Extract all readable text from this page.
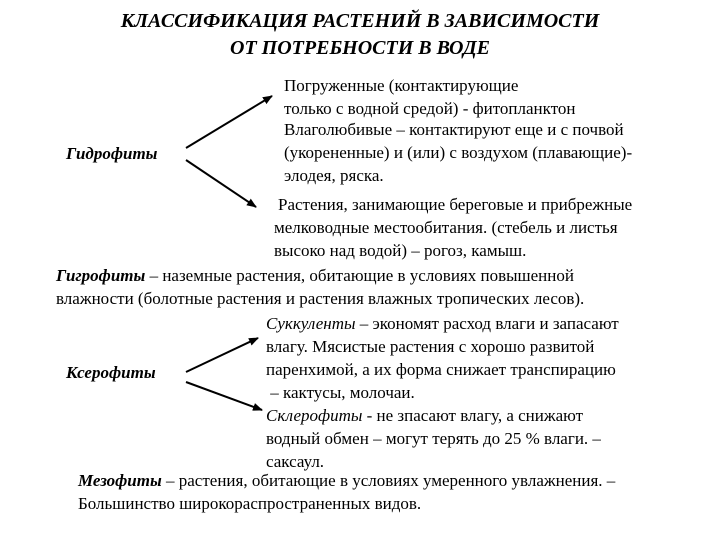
КЛАССИФИКАЦИЯ РАСТЕНИЙ В ЗАВИСИМОСТИ
ОТ ПОТРЕБНОСТИ В ВОДЕ
Гидрофиты
Погруженные (контактирующие
только с водной средой) - фитопланктон
Влаголюбивые – контактируют еще и с почвой
(укорененные) и (или) с воздухом (плавающие)-
элодея, ряска.
Растения, занимающие береговые и прибрежные
мелководные местообитания. (стебель и листья
высоко над водой) – рогоз, камыш.
Гигрофиты – наземные растения, обитающие в условиях повышенной
влажности (болотные растения и растения влажных тропических лесов).
Ксерофиты
Суккуленты – экономят расход влаги и запасают
влагу. Мясистые растения с хорошо развитой
паренхимой, а их форма снижает транспирацию
– кактусы, молочаи.
Склерофиты - не зпасают влагу, а снижают
водный обмен – могут терять до 25 % влаги. –
саксаул.
Мезофиты – растения, обитающие в условиях умеренного увлажнения. –
Большинство широкораспространенных видов.
